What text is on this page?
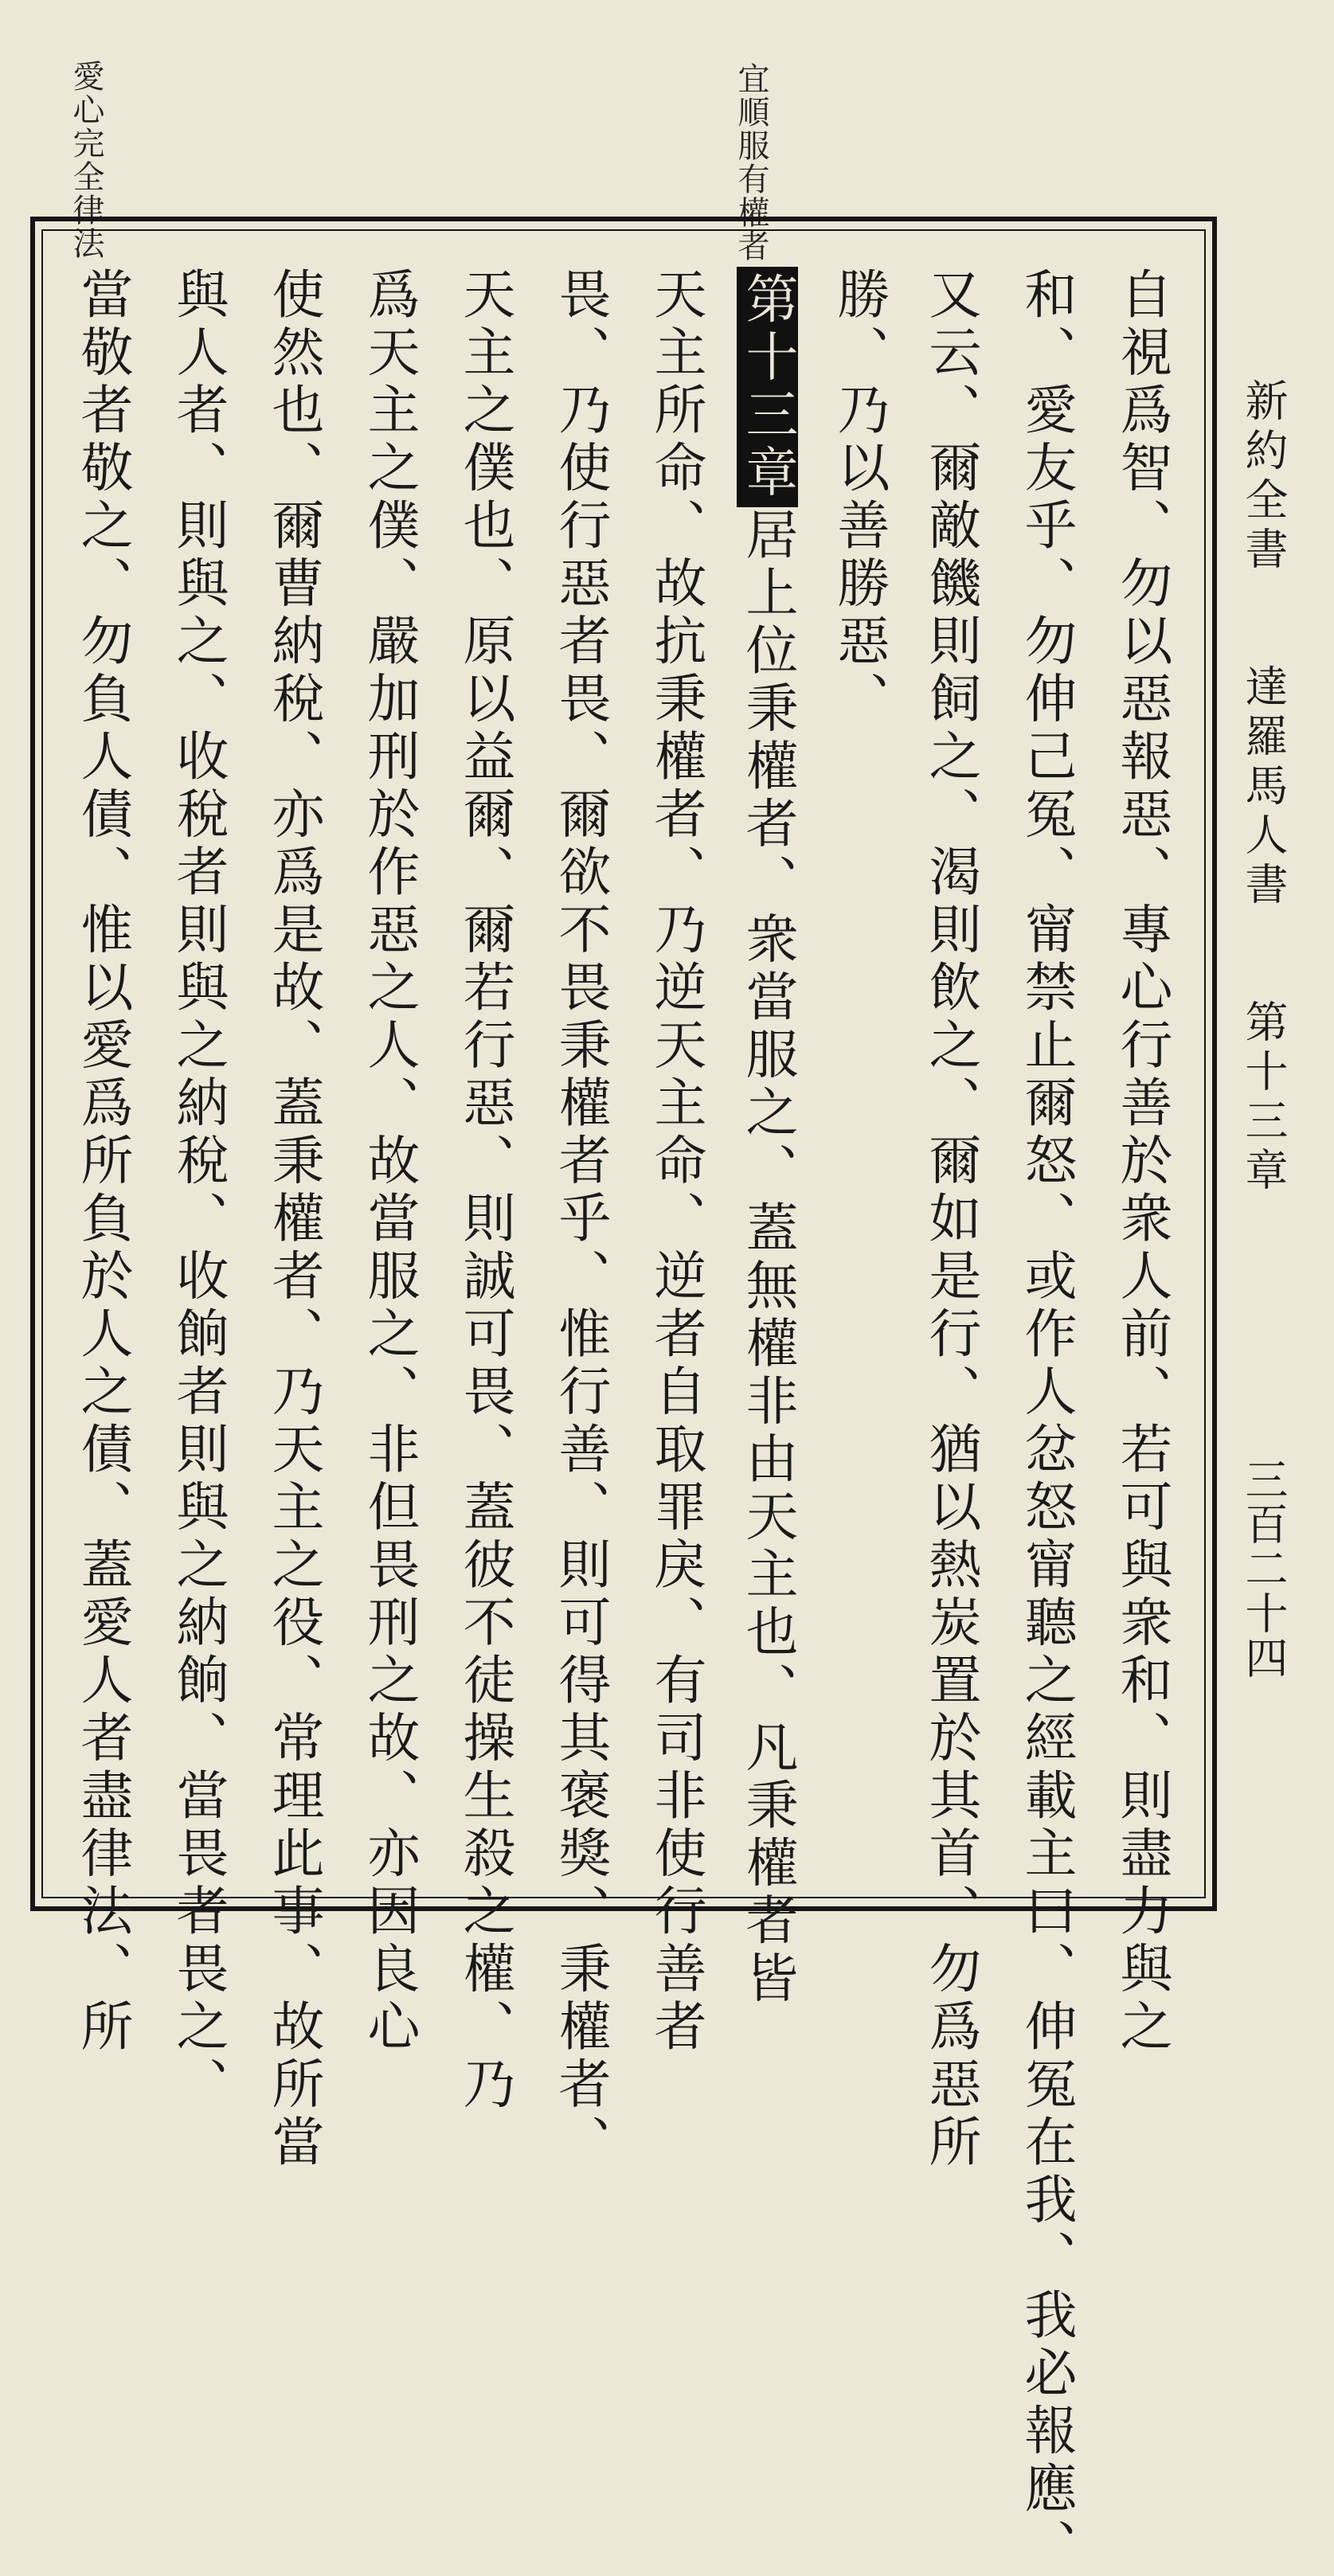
愛心完全律法	宜順服有權者
新約全書 達羅馬人書 第十三章
三百二十四
自視爲智、勿以惡報惡、專心行善於衆人前、若可與衆和、則盡力與之
和、愛友乎、勿伸己冤、甯禁止爾怒、或作人忿怒甯聽之經載主曰、伸冤在我、我必報應、
又云、爾敵饑則飼之、渴則飲之、爾如是行、猶以熱炭置於其首、勿爲惡所
勝、乃以善勝惡、
第十三章居上位秉權者、衆當服之、蓋無權非由天主也、凡秉權者皆
天主所命、故抗秉權者、乃逆天主命、逆者自取罪戾、有司非使行善者
畏、乃使行惡者畏、爾欲不畏秉權者乎、惟行善、則可得其褒獎、秉權者、
天主之僕也、原以益爾、爾若行惡、則誠可畏、蓋彼不徒操生殺之權、乃
爲天主之僕、嚴加刑於作惡之人、故當服之、非但畏刑之故、亦因良心
使然也、爾曹納稅、亦爲是故、蓋秉權者、乃天主之役、常理此事、故所當
與人者、則與之、收稅者則與之納稅、收餉者則與之納餉、當畏者畏之、
當敬者敬之、勿負人債、惟以愛爲所負於人之債、蓋愛人者盡律法、所
